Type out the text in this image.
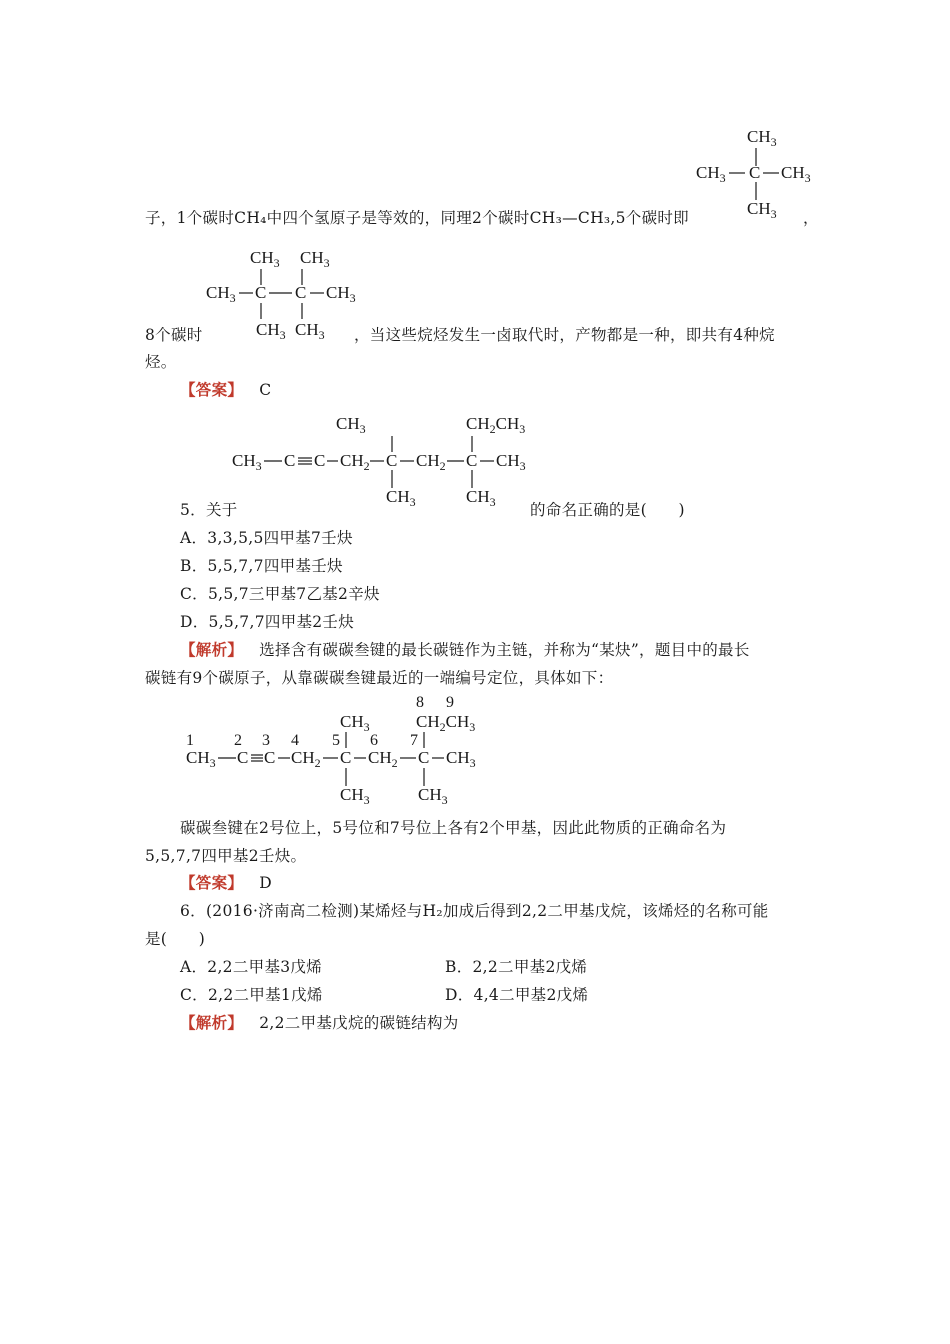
$CH_3$
$CH_3$ C $CH_3$
$CH_3$
子，1个碳时CH₄中四个氢原子是等效的，同理2个碳时CH₃—CH₃,5个碳时即	，
$CH_3$ $CH_3$
$CH_3$ C C $CH_3$
$CH_3$ $CH_3$
8个碳时	，当这些烷烃发生一卤取代时，产物都是一种，即共有4种烷
烃。
【答案】 C
$CH_3$	$CH_2CH_3$
$CH_3$ C C $CH_2$ C $CH_2$ C $CH_3$
$CH_3$	$CH_3$
5．关于	的命名正确的是(　　)
A．3,3,5,5四甲基7壬炔
B．5,5,7,7四甲基壬炔
C．5,5,7三甲基7乙基2辛炔
D．5,5,7,7四甲基2壬炔
【解析】 选择含有碳碳叁键的最长碳链作为主链，并称为“某炔”，题目中的最长
碳链有9个碳原子，从靠碳碳叁键最近的一端编号定位，具体如下：
8 9
$CH_3$	$CH_2CH_3$
1	2 3 4 5 6 7
$CH_3$ C C $CH_2$ C $CH_2$ C $CH_3$
$CH_3$	$CH_3$
碳碳叁键在2号位上，5号位和7号位上各有2个甲基，因此此物质的正确命名为
5,5,7,7四甲基2壬炔。
【答案】 D
6．(2016·济南高二检测)某烯烃与H₂加成后得到2,2二甲基戊烷，该烯烃的名称可能
是(　　)
A．2,2二甲基3戊烯	B．2,2二甲基2戊烯
C．2,2二甲基1戊烯	D．4,4二甲基2戊烯
【解析】 2,2二甲基戊烷的碳链结构为
